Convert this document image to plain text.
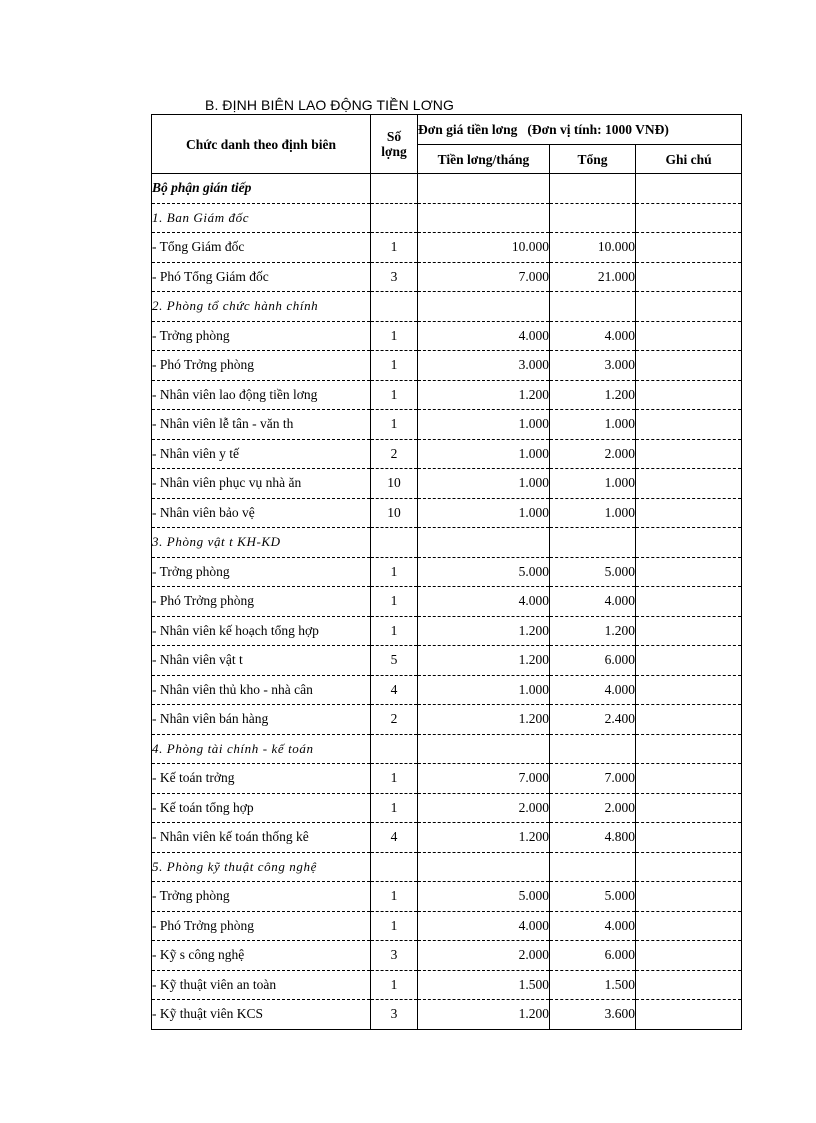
B. ĐỊNH BIÊN LAO ĐỘNG TIỀN LƠNG
Chức danh theo định biên	Số
lợng	Đơn giá tiền lơng (Đơn vị tính: 1000 VNĐ)		
		Tiền lơng/tháng	Tổng	Ghi chú
Bộ phận gián tiếp				
1. Ban Giám đốc				
- Tổng Giám đốc	1	10.000	10.000	
- Phó Tổng Giám đốc	3	7.000	21.000	
2. Phòng tổ chức hành chính				
- Trởng phòng	1	4.000	4.000	
- Phó Trởng phòng	1	3.000	3.000	
- Nhân viên lao động tiền lơng	1	1.200	1.200	
- Nhân viên lễ tân - văn th	1	1.000	1.000	
- Nhân viên y tế	2	1.000	2.000	
- Nhân viên phục vụ nhà ăn	10	1.000	1.000	
- Nhân viên bảo vệ	10	1.000	1.000	
3. Phòng vật t KH-KD				
- Trởng phòng	1	5.000	5.000	
- Phó Trởng phòng	1	4.000	4.000	
- Nhân viên kế hoạch tổng hợp	1	1.200	1.200	
- Nhân viên vật t	5	1.200	6.000	
- Nhân viên thủ kho - nhà cân	4	1.000	4.000	
- Nhân viên bán hàng	2	1.200	2.400	
4. Phòng tài chính - kế toán				
- Kế toán trởng	1	7.000	7.000	
- Kế toán tổng hợp	1	2.000	2.000	
- Nhân viên kế toán thống kê	4	1.200	4.800	
5. Phòng kỹ thuật công nghệ				
- Trởng phòng	1	5.000	5.000	
- Phó Trởng phòng	1	4.000	4.000	
- Kỹ s công nghệ	3	2.000	6.000	
- Kỹ thuật viên an toàn	1	1.500	1.500	
- Kỹ thuật viên KCS	3	1.200	3.600	
